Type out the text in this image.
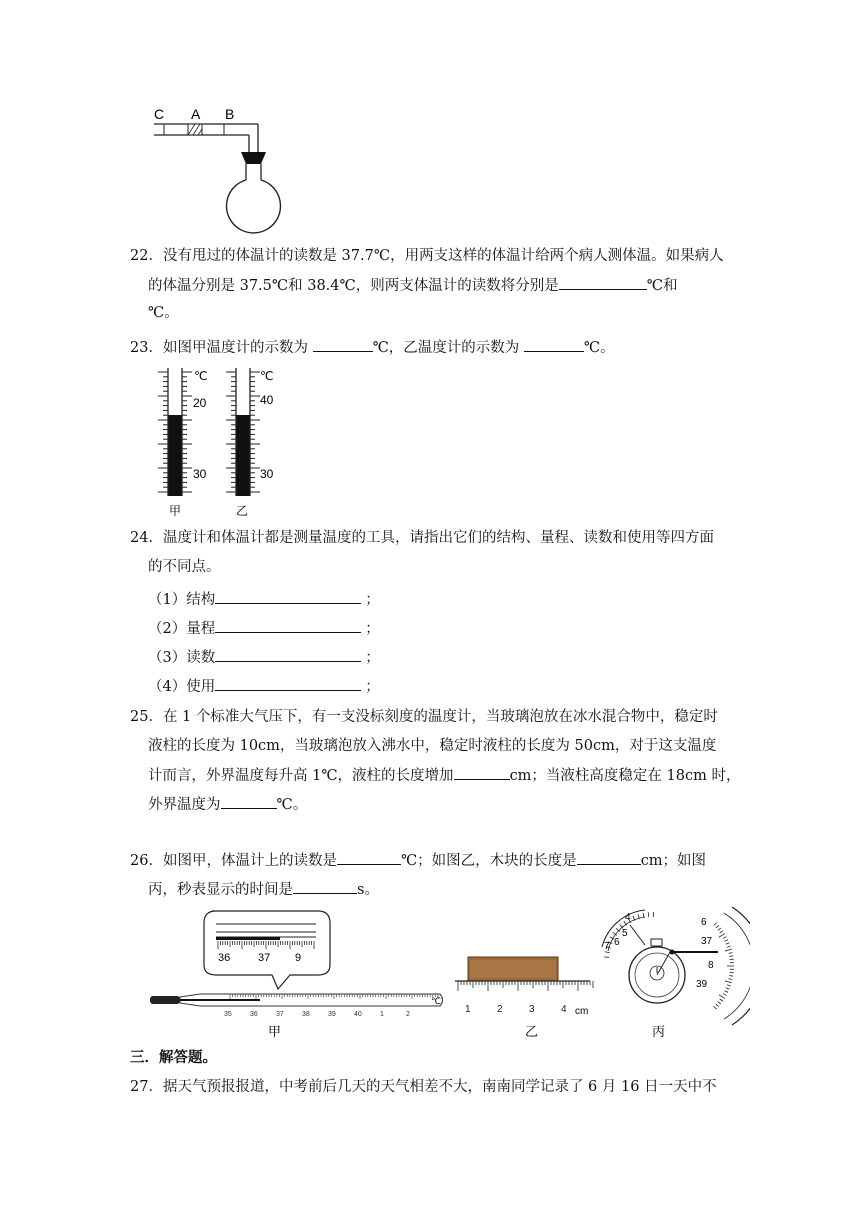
C A B
22．没有甩过的体温计的读数是 37.7℃，用两支这样的体温计给两个病人测体温。如果病人
的体温分别是 37.5℃和 38.4℃，则两支体温计的读数将分别是	℃和
℃。
23．如图甲温度计的示数为	℃，乙温度计的示数为	℃。
℃
20
30
甲
℃
40
30
乙
24．温度计和体温计都是测量温度的工具，请指出它们的结构、量程、读数和使用等四方面
的不同点。
（1）结构	；
（2）量程	；
（3）读数	；
（4）使用	；
25．在 1 个标准大气压下，有一支没标刻度的温度计，当玻璃泡放在冰水混合物中，稳定时
液柱的长度为 10cm，当玻璃泡放入沸水中，稳定时液柱的长度为 50cm，对于这支温度
计而言，外界温度每升高 1℃，液柱的长度增加	cm；当液柱高度稳定在 18cm 时，
外界温度为	℃。
26．如图甲，体温计上的读数是	℃；如图乙，木块的长度是	cm；如图
丙，秒表显示的时间是	s。
36	37 9
35	36	37	38	39	40	1	2
℃
甲
1	2	3	4 cm
乙
4
5
6
7
6
37
8
39
丙
三．解答题。
27．据天气预报报道，中考前后几天的天气相差不大，南南同学记录了 6 月 16 日一天中不
